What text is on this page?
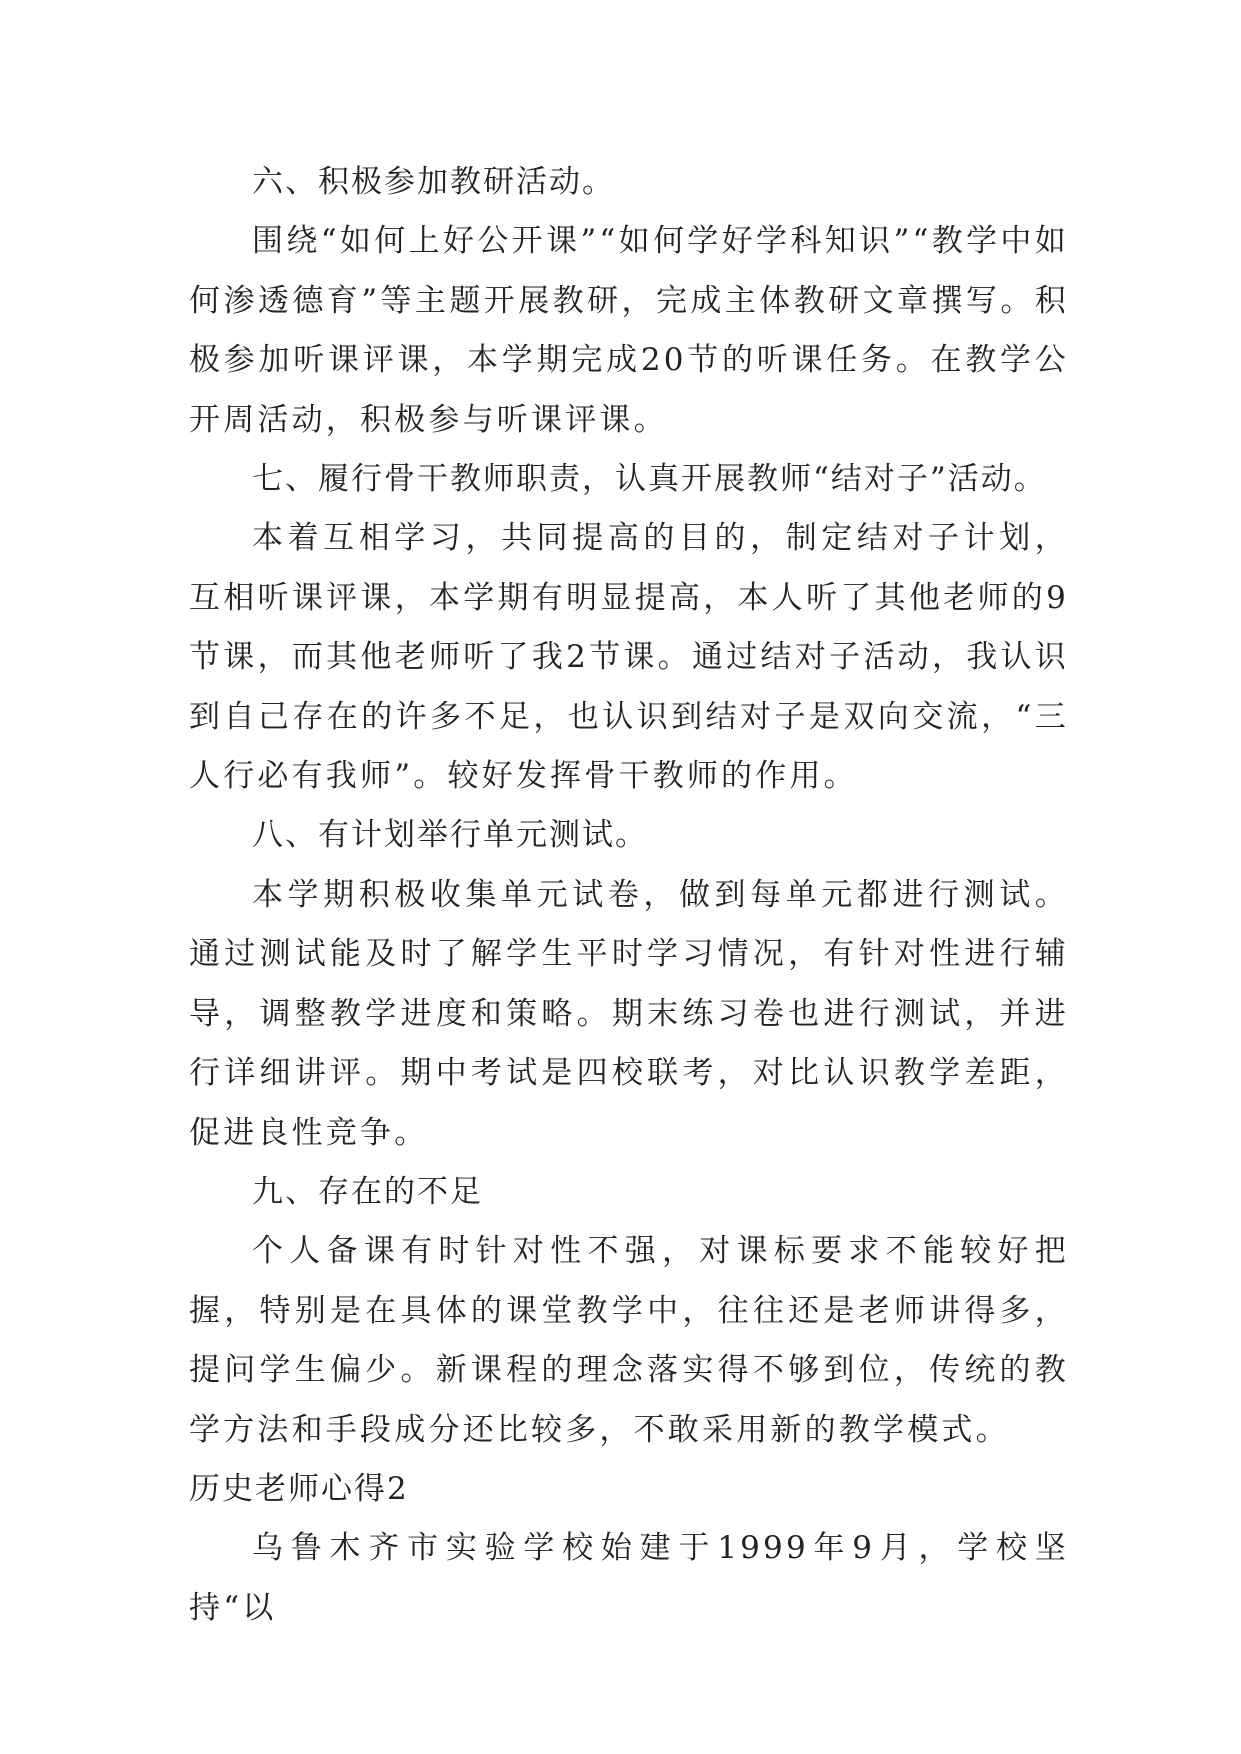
六、积极参加教研活动。

围绕“如何上好公开课”“如何学好学科知识”“教学中如何渗透德育”等主题开展教研，完成主体教研文章撰写。积极参加听课评课，本学期完成20节的听课任务。在教学公开周活动，积极参与听课评课。

七、履行骨干教师职责，认真开展教师“结对子”活动。

本着互相学习，共同提高的目的，制定结对子计划，互相听课评课，本学期有明显提高，本人听了其他老师的9节课，而其他老师听了我2节课。通过结对子活动，我认识到自己存在的许多不足，也认识到结对子是双向交流，“三人行必有我师”。较好发挥骨干教师的作用。

八、有计划举行单元测试。

本学期积极收集单元试卷，做到每单元都进行测试。通过测试能及时了解学生平时学习情况，有针对性进行辅导，调整教学进度和策略。期末练习卷也进行测试，并进行详细讲评。期中考试是四校联考，对比认识教学差距，促进良性竞争。

九、存在的不足

个人备课有时针对性不强，对课标要求不能较好把握，特别是在具体的课堂教学中，往往还是老师讲得多，提问学生偏少。新课程的理念落实得不够到位，传统的教学方法和手段成分还比较多，不敢采用新的教学模式。

历史老师心得2

乌鲁木齐市实验学校始建于1999年9月，学校坚持“以
